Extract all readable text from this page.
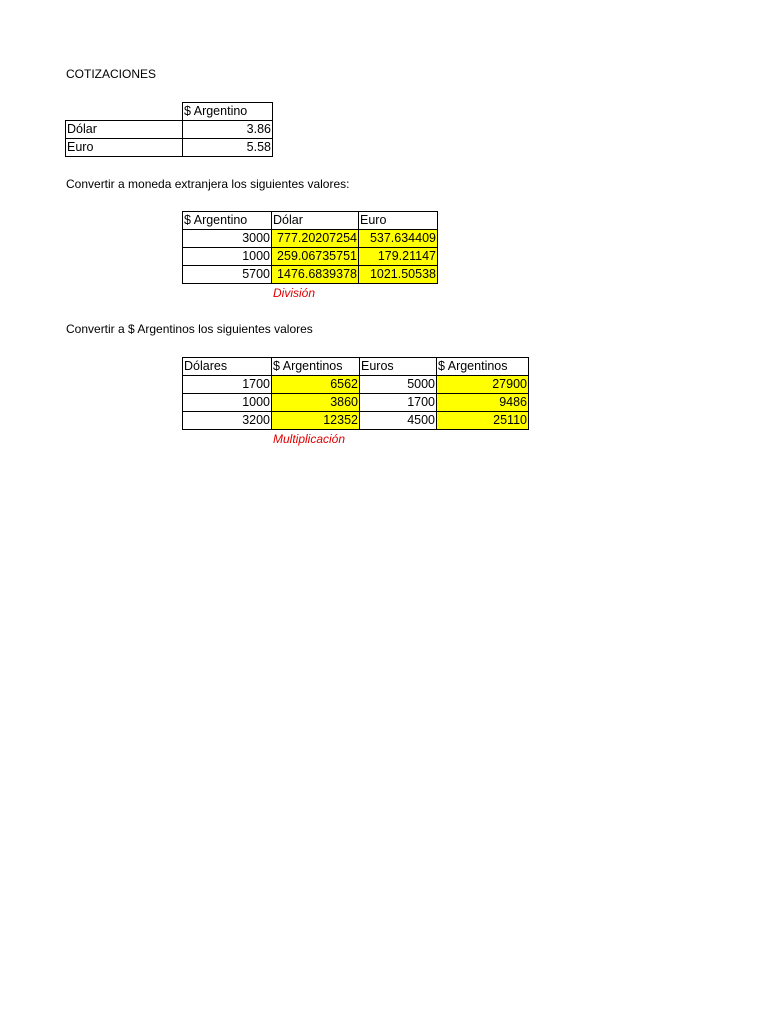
COTIZACIONES
	$ Argentino
Dólar	3.86
Euro	5.58
Convertir a moneda extranjera los siguientes valores:
$ Argentino	Dólar	Euro
3000	777.20207254	537.634409
1000	259.06735751	179.21147
5700	1476.6839378	1021.50538
División
Convertir a $ Argentinos los siguientes valores
Dólares	$ Argentinos	Euros	$ Argentinos
1700	6562	5000	27900
1000	3860	1700	9486
3200	12352	4500	25110
Multiplicación
